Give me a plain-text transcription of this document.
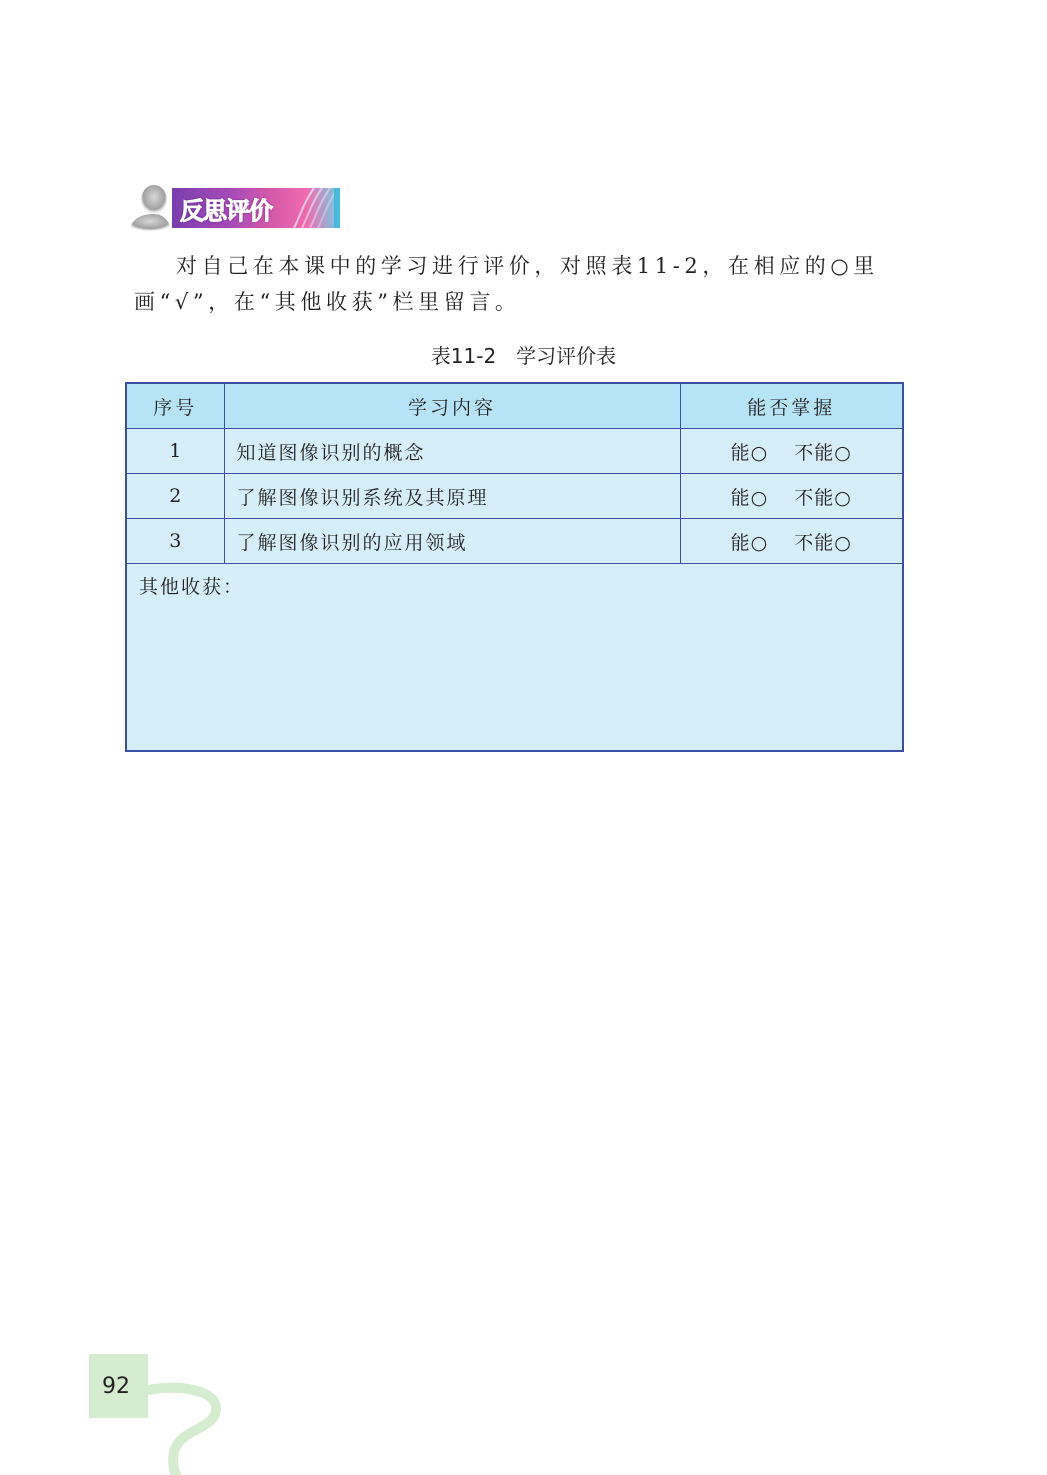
反思评价

对自己在本课中的学习进行评价，对照表11-2，在相应的○里画“√”，在“其他收获”栏里留言。

表11-2　学习评价表
序号	学习内容	能否掌握
1	知道图像识别的概念	能○ 不能○
2	了解图像识别系统及其原理	能○ 不能○
3	了解图像识别的应用领域	能○ 不能○
其他收获：		
92
